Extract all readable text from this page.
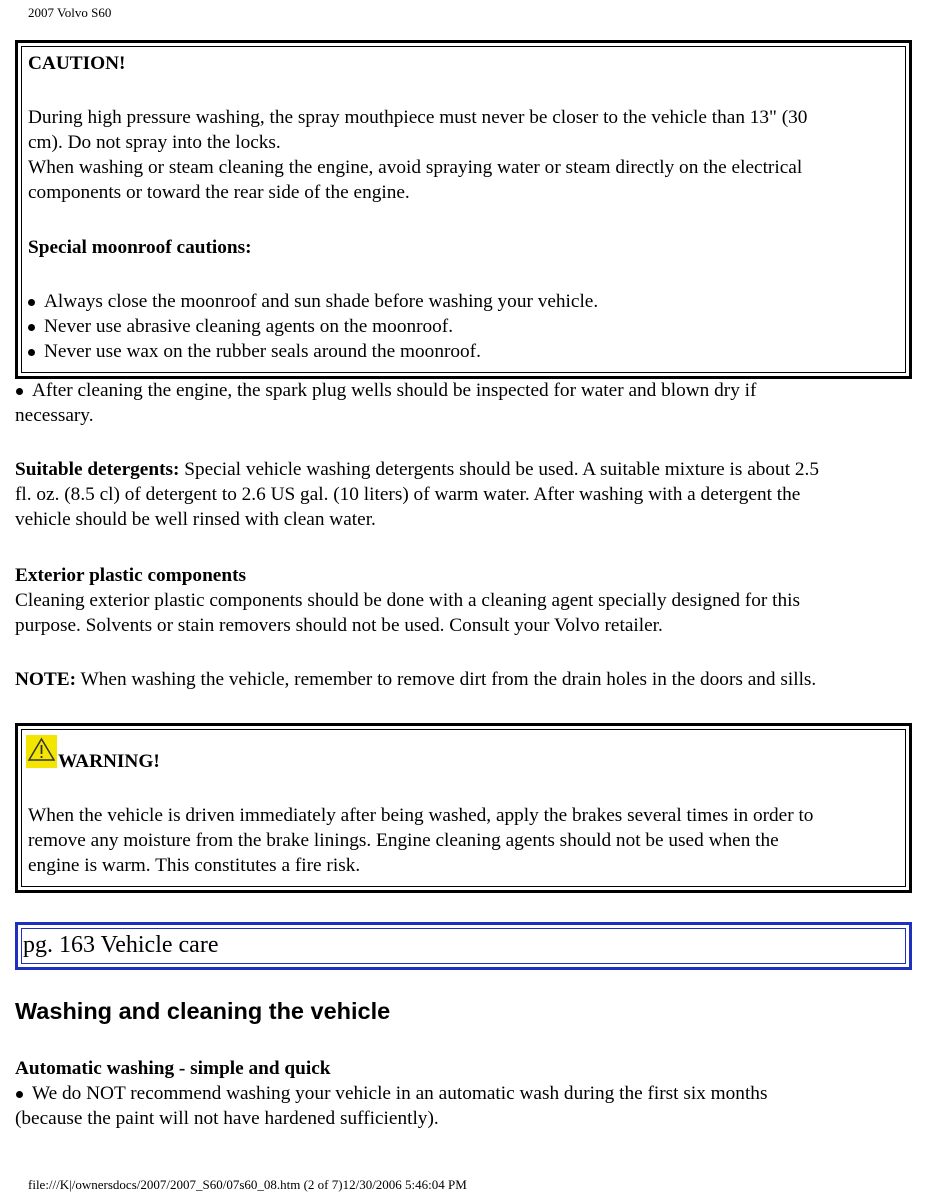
2007 Volvo S60
CAUTION!
During high pressure washing, the spray mouthpiece must never be closer to the vehicle than 13" (30
cm). Do not spray into the locks.
When washing or steam cleaning the engine, avoid spraying water or steam directly on the electrical
components or toward the rear side of the engine.
Special moonroof cautions:
Always close the moonroof and sun shade before washing your vehicle.
Never use abrasive cleaning agents on the moonroof.
Never use wax on the rubber seals around the moonroof.
After cleaning the engine, the spark plug wells should be inspected for water and blown dry if
necessary.
Suitable detergents: Special vehicle washing detergents should be used. A suitable mixture is about 2.5
fl. oz. (8.5 cl) of detergent to 2.6 US gal. (10 liters) of warm water. After washing with a detergent the
vehicle should be well rinsed with clean water.
Exterior plastic components
Cleaning exterior plastic components should be done with a cleaning agent specially designed for this
purpose. Solvents or stain removers should not be used. Consult your Volvo retailer.
NOTE: When washing the vehicle, remember to remove dirt from the drain holes in the doors and sills.
WARNING!
When the vehicle is driven immediately after being washed, apply the brakes several times in order to
remove any moisture from the brake linings. Engine cleaning agents should not be used when the
engine is warm. This constitutes a fire risk.
pg. 163 Vehicle care
Washing and cleaning the vehicle
Automatic washing - simple and quick
We do NOT recommend washing your vehicle in an automatic wash during the first six months
(because the paint will not have hardened sufficiently).
file:///K|/ownersdocs/2007/2007_S60/07s60_08.htm (2 of 7)12/30/2006 5:46:04 PM
